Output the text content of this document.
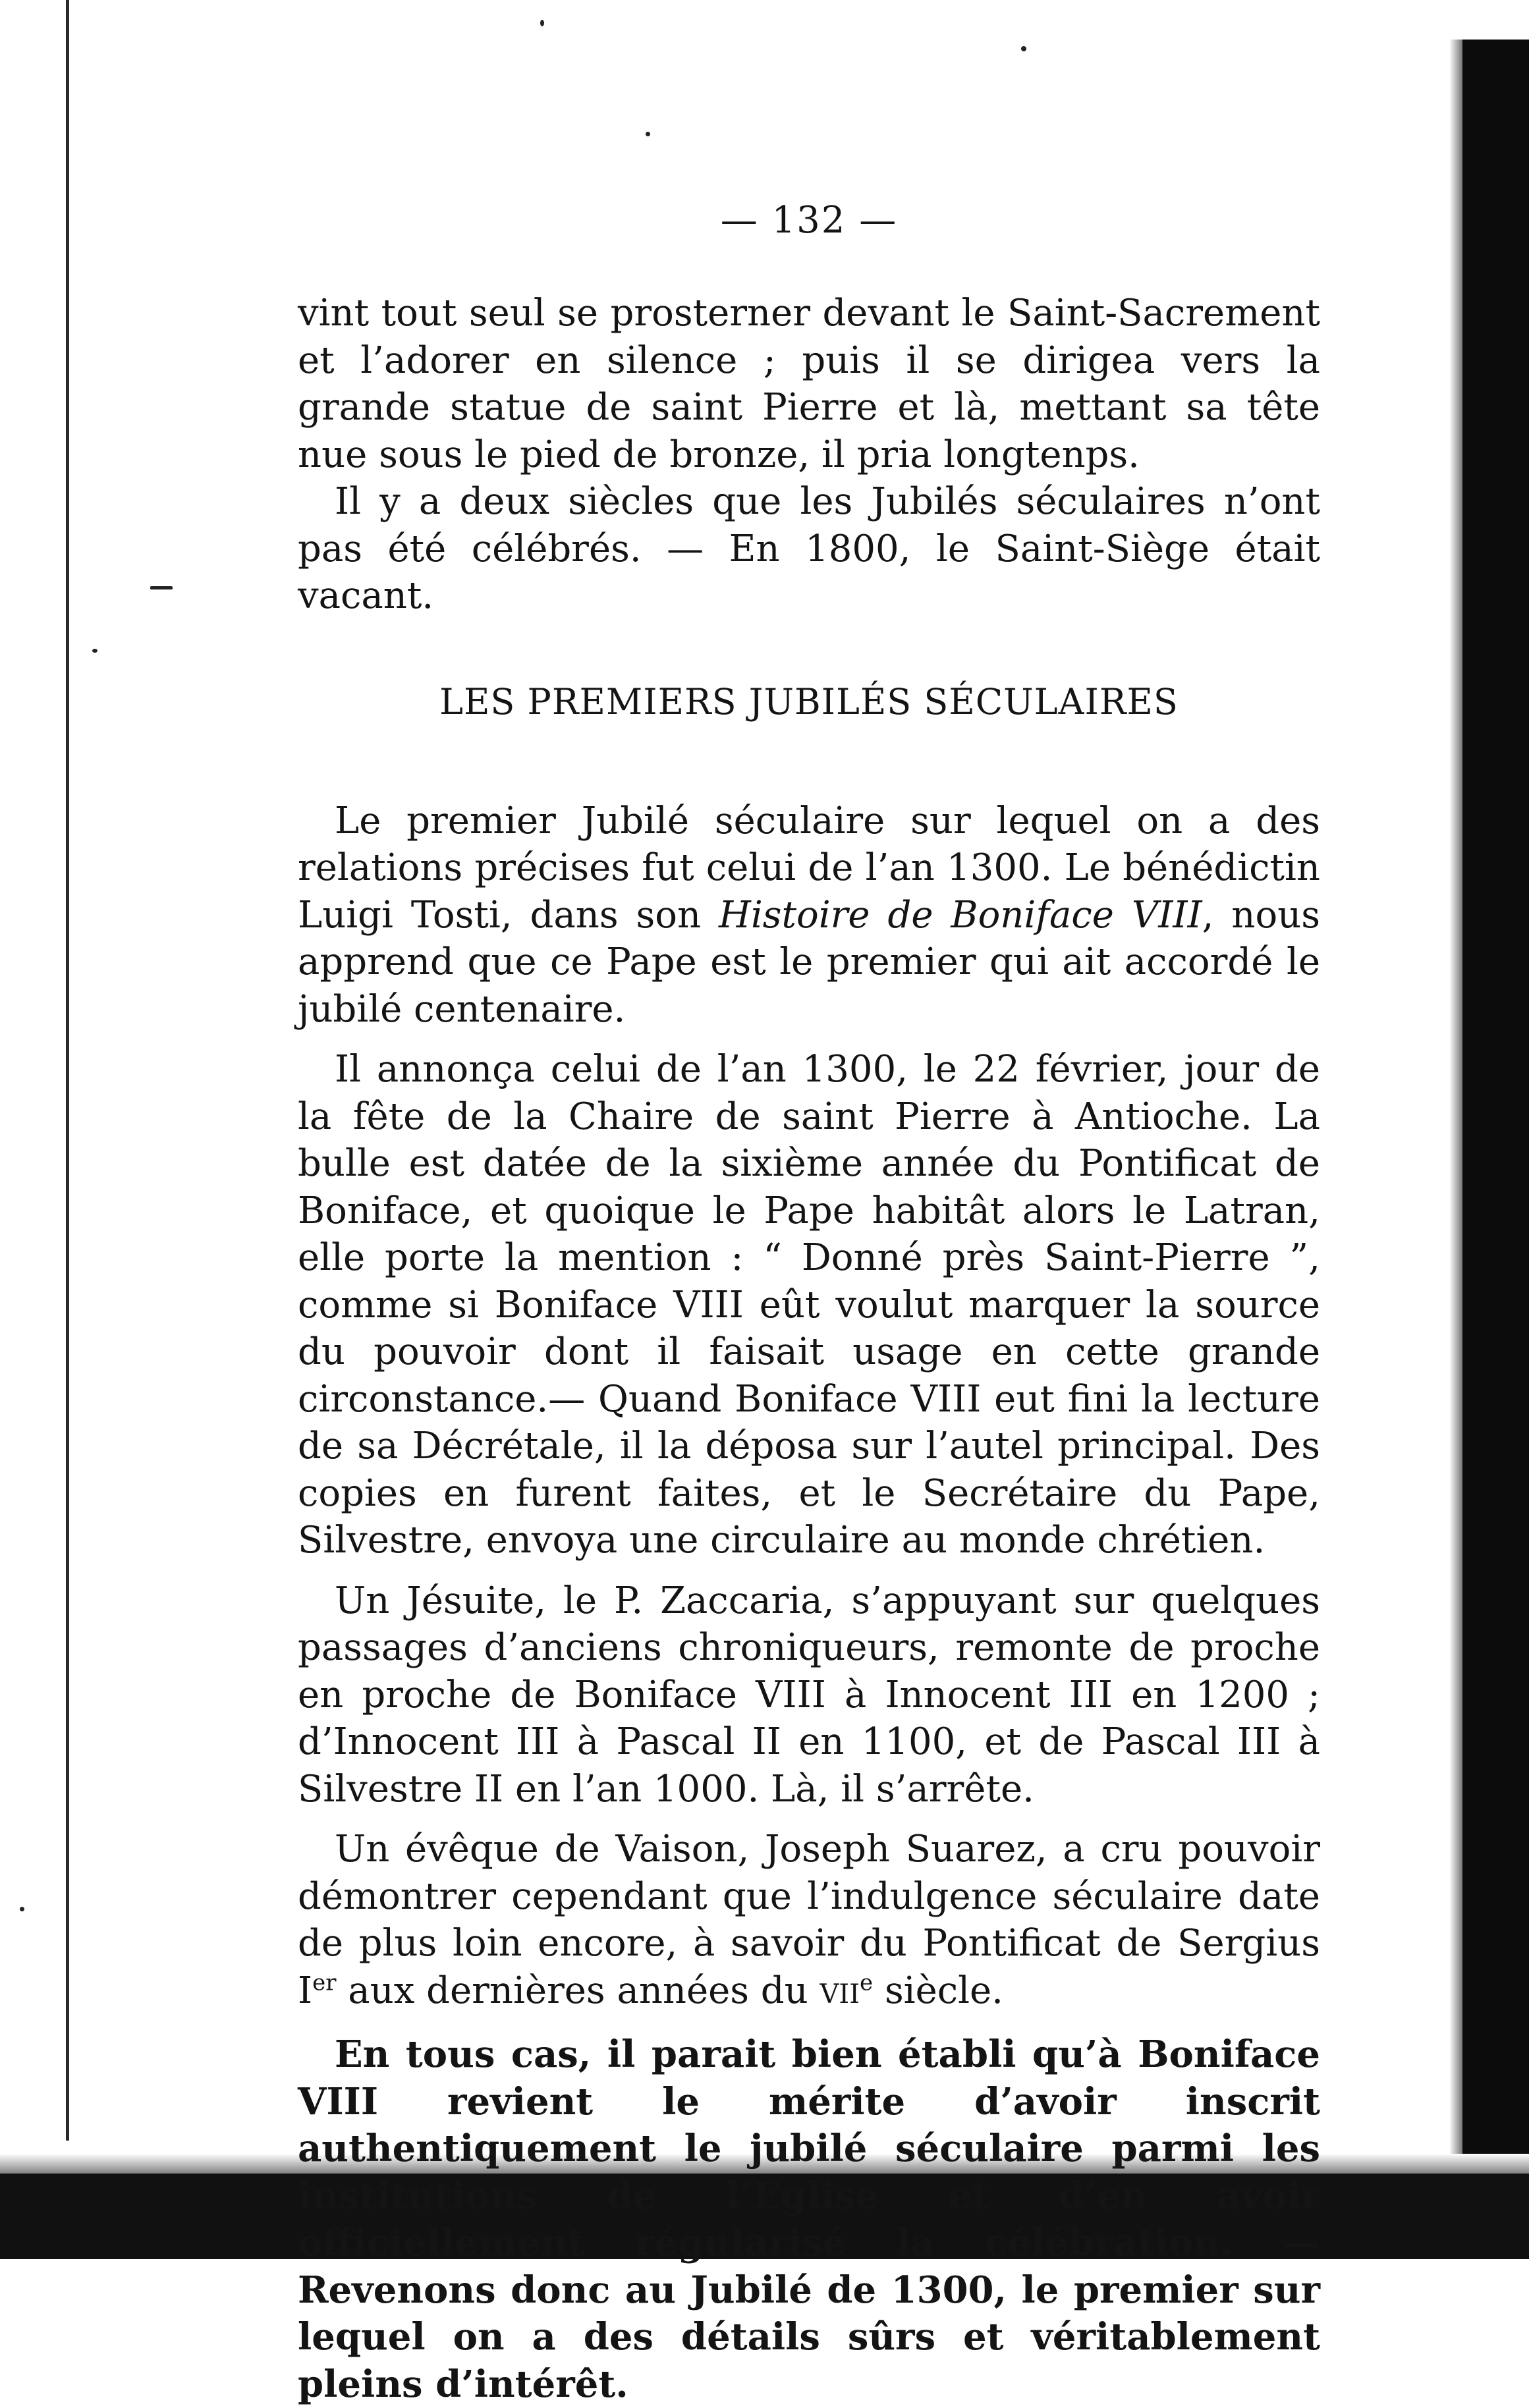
— 132 —

vint tout seul se prosterner devant le Saint-Sacrement et l’adorer en silence ; puis il se dirigea vers la grande statue de saint Pierre et là, mettant sa tête nue sous le pied de bronze, il pria longtenps.

Il y a deux siècles que les Jubilés séculaires n’ont pas été célébrés. — En 1800, le Saint-Siège était vacant.

LES PREMIERS JUBILÉS SÉCULAIRES

Le premier Jubilé séculaire sur lequel on a des relations précises fut celui de l’an 1300. Le bénédictin Luigi Tosti, dans son Histoire de Boniface VIII, nous apprend que ce Pape est le premier qui ait accordé le jubilé centenaire.

Il annonça celui de l’an 1300, le 22 février, jour de la fête de la Chaire de saint Pierre à Antioche. La bulle est datée de la sixième année du Pontificat de Boniface, et quoique le Pape habitât alors le Latran, elle porte la mention : “ Donné près Saint-Pierre ”, comme si Boniface VIII eût voulut marquer la source du pouvoir dont il faisait usage en cette grande circonstance.— Quand Boniface VIII eut fini la lecture de sa Décrétale, il la déposa sur l’autel principal. Des copies en furent faites, et le Secrétaire du Pape, Silvestre, envoya une circulaire au monde chrétien.

Un Jésuite, le P. Zaccaria, s’appuyant sur quelques passages d’anciens chroniqueurs, remonte de proche en proche de Boniface VIII à Innocent III en 1200 ; d’Innocent III à Pascal II en 1100, et de Pascal III à Silvestre II en l’an 1000. Là, il s’arrête.

Un évêque de Vaison, Joseph Suarez, a cru pouvoir démontrer cependant que l’indulgence séculaire date de plus loin encore, à savoir du Pontificat de Sergius Ier aux dernières années du VIIe siècle.

En tous cas, il parait bien établi qu’à Boniface VIII revient le mérite d’avoir inscrit authentiquement le jubilé séculaire parmi les institutions de l’Eglise et d’en avoir officiellement régularisé la célébration. — Revenons donc au Jubilé de 1300, le premier sur lequel on a des détails sûrs et véritablement pleins d’intérêt.
